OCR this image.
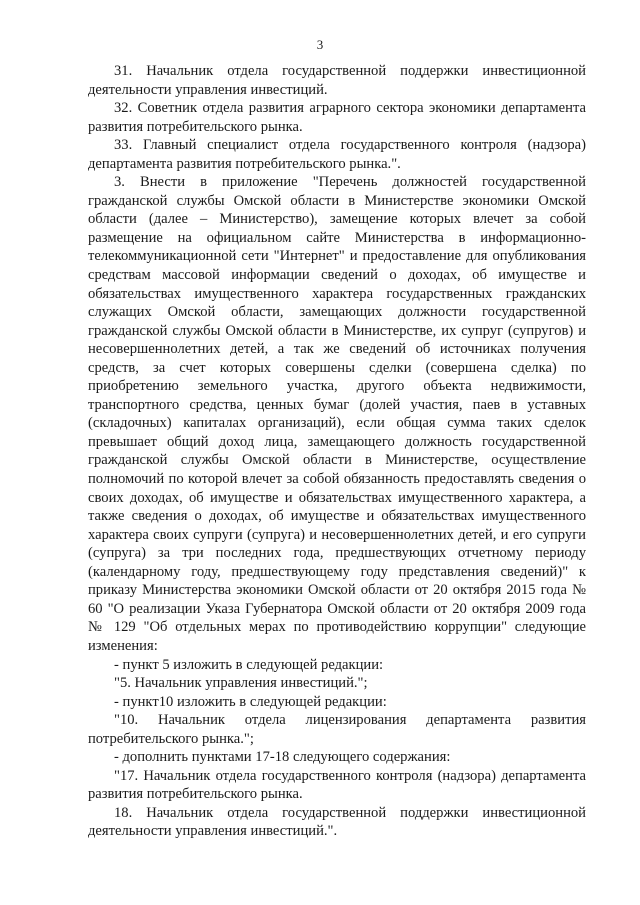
3

31. Начальник отдела государственной поддержки инвестиционной деятельности управления инвестиций.

32. Советник отдела развития аграрного сектора экономики департамента развития потребительского рынка.

33. Главный специалист отдела государственного контроля (надзора) департамента развития потребительского рынка.".

3. Внести в приложение "Перечень должностей государственной гражданской службы Омской области в Министерстве экономики Омской области (далее – Министерство), замещение которых влечет за собой размещение на официальном сайте Министерства в информационно-телекоммуникационной сети "Интернет" и предоставление для опубликования средствам массовой информации сведений о доходах, об имуществе и обязательствах имущественного характера государственных гражданских служащих Омской области, замещающих должности государственной гражданской службы Омской области в Министерстве, их супруг (супругов) и несовершеннолетних детей, а так же сведений об источниках получения средств, за счет которых совершены сделки (совершена сделка) по приобретению земельного участка, другого объекта недвижимости, транспортного средства, ценных бумаг (долей участия, паев в уставных (складочных) капиталах организаций), если общая сумма таких сделок превышает общий доход лица, замещающего должность государственной гражданской службы Омской области в Министерстве, осуществление полномочий по которой влечет за собой обязанность предоставлять сведения о своих доходах, об имуществе и обязательствах имущественного характера, а также сведения о доходах, об имуществе и обязательствах имущественного характера своих супруги (супруга) и несовершеннолетних детей, и его супруги (супруга) за три последних года, предшествующих отчетному периоду (календарному году, предшествующему году представления сведений)" к приказу Министерства экономики Омской области от 20 октября 2015 года № 60 "О реализации Указа Губернатора Омской области от 20 октября 2009 года № 129 "Об отдельных мерах по противодействию коррупции" следующие изменения:

- пункт 5 изложить в следующей редакции:

"5. Начальник управления инвестиций.";

- пункт10 изложить в следующей редакции:

"10. Начальник отдела лицензирования департамента развития потребительского рынка.";

- дополнить пунктами 17-18 следующего содержания:

"17. Начальник отдела государственного контроля (надзора) департамента развития потребительского рынка.

18. Начальник отдела государственной поддержки инвестиционной деятельности управления инвестиций.".
